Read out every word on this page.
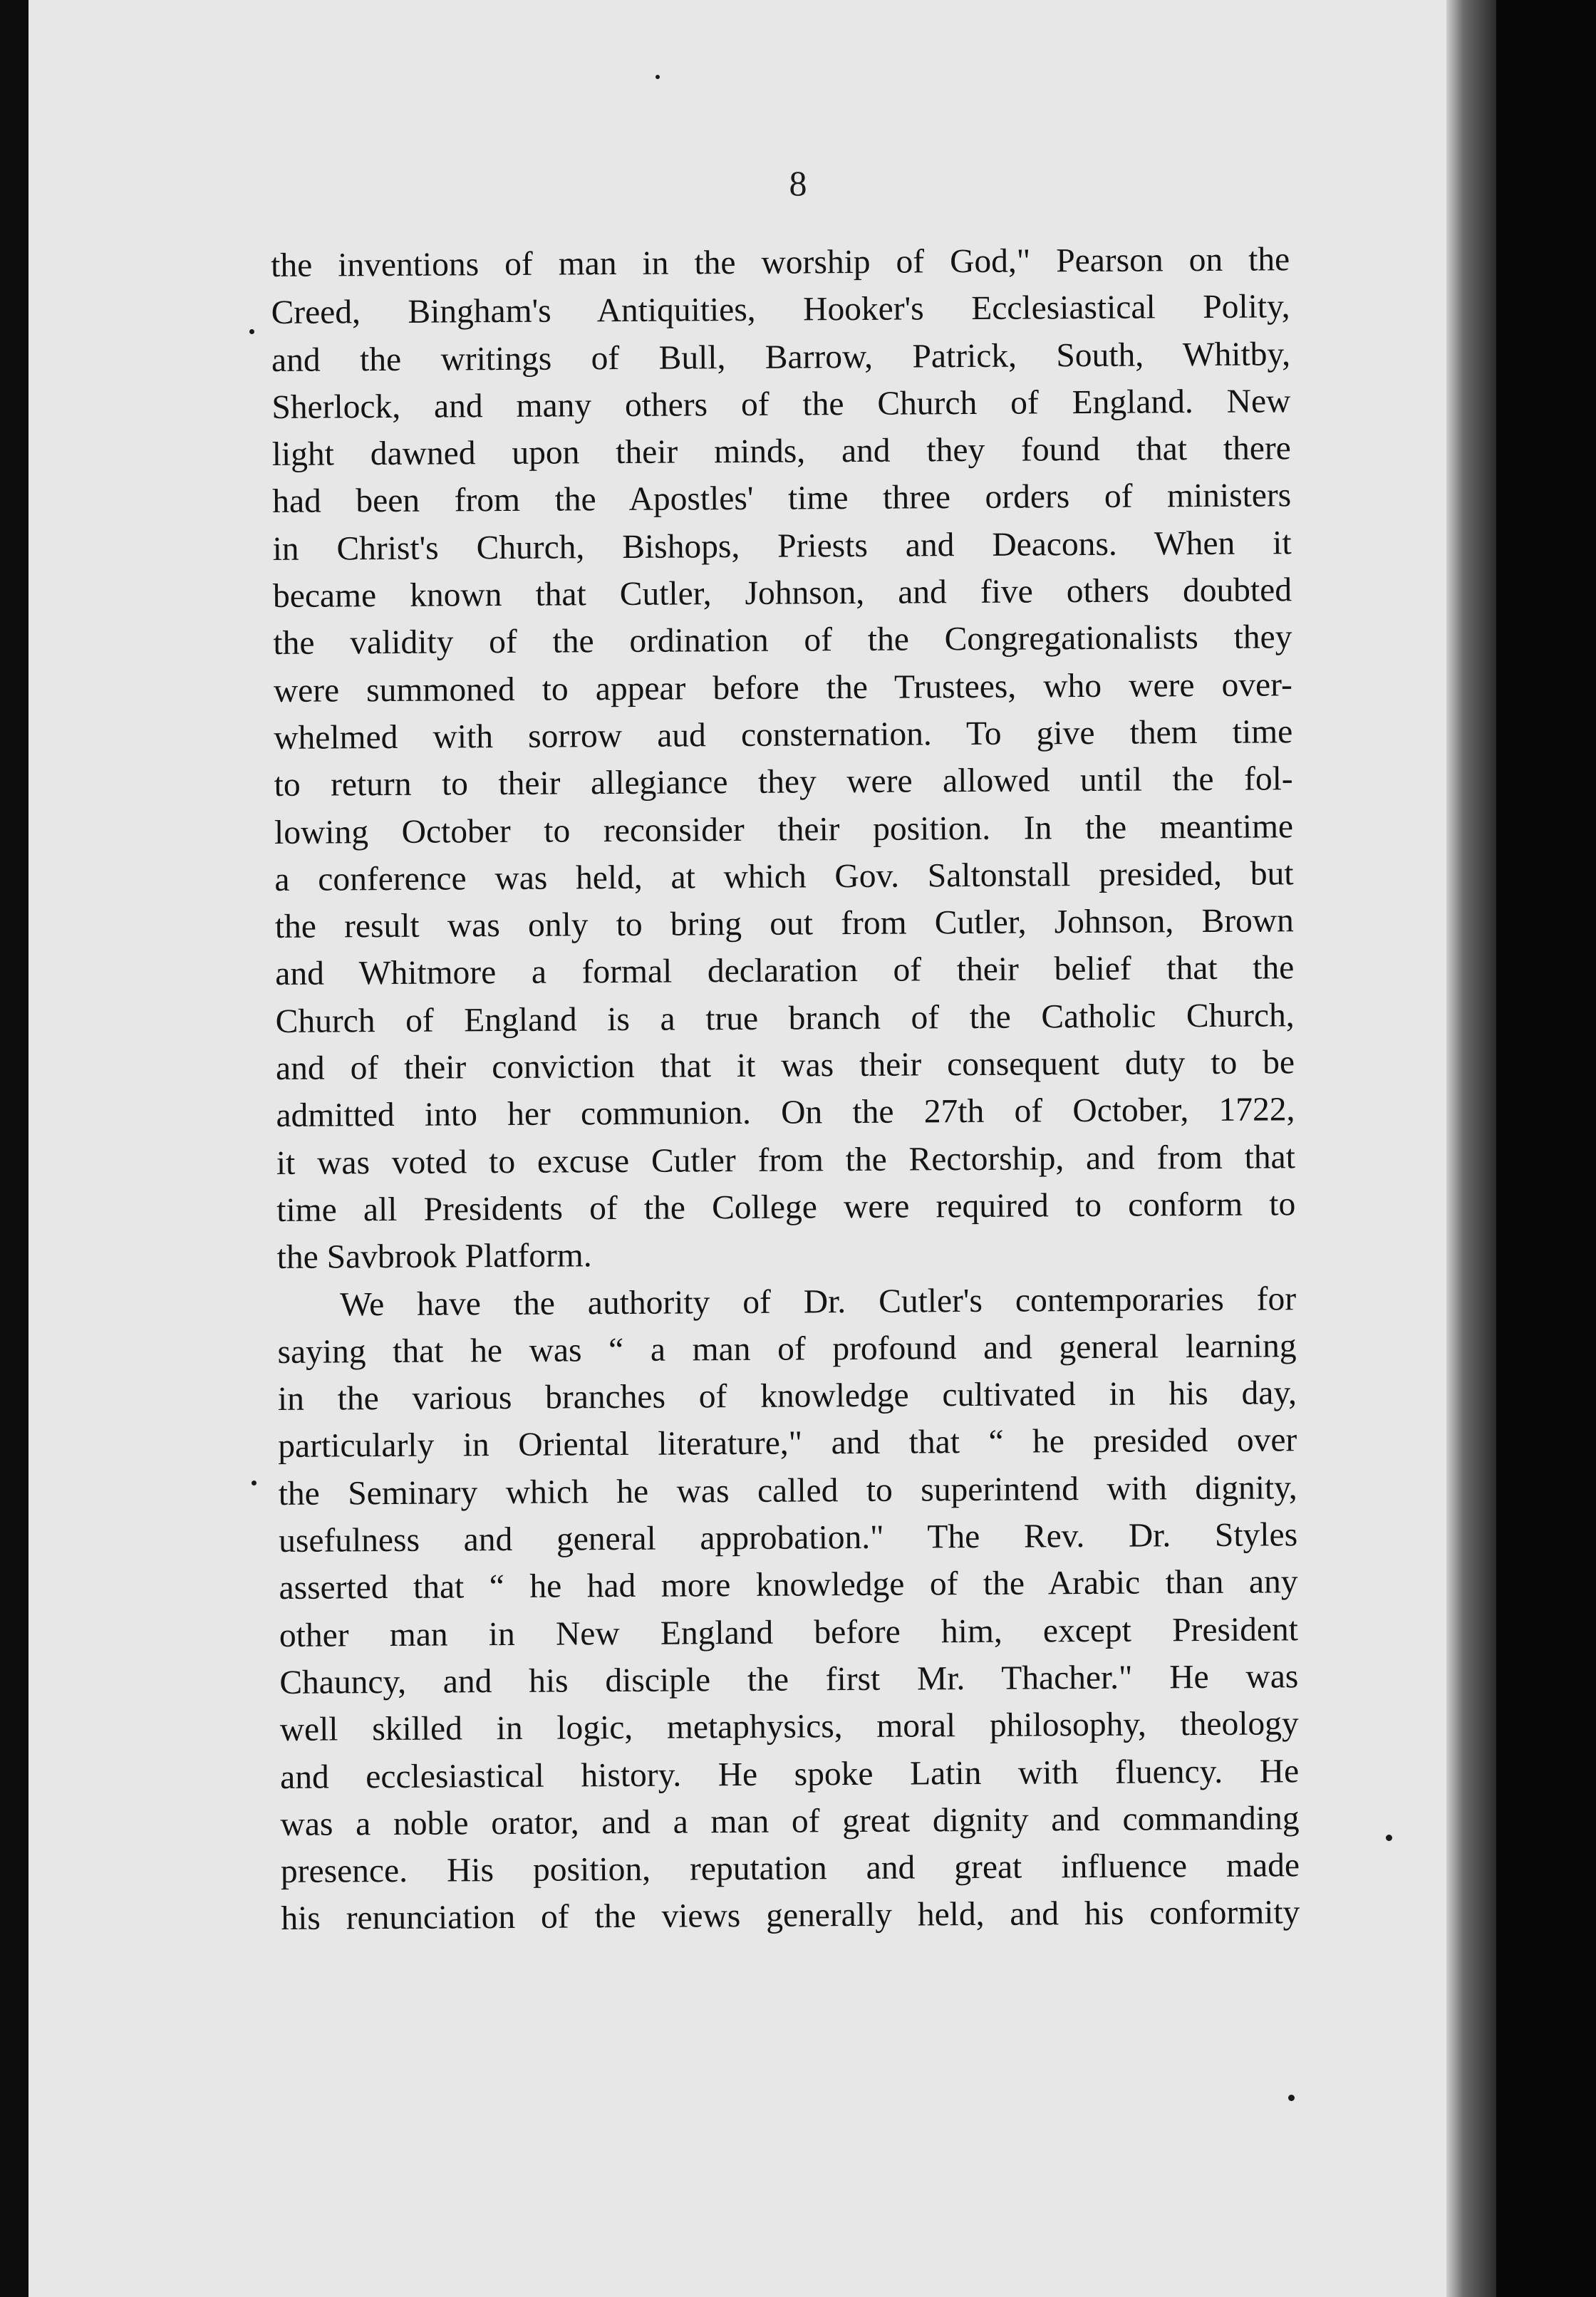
8
the inventions of man in the worship of God," Pearson on the
Creed, Bingham's Antiquities, Hooker's Ecclesiastical Polity,
and the writings of Bull, Barrow, Patrick, South, Whitby,
Sherlock, and many others of the Church of England. New
light dawned upon their minds, and they found that there
had been from the Apostles' time three orders of ministers
in Christ's Church, Bishops, Priests and Deacons. When it
became known that Cutler, Johnson, and five others doubted
the validity of the ordination of the Congregationalists they
were summoned to appear before the Trustees, who were over-
whelmed with sorrow aud consternation. To give them time
to return to their allegiance they were allowed until the fol-
lowing October to reconsider their position. In the meantime
a conference was held, at which Gov. Saltonstall presided, but
the result was only to bring out from Cutler, Johnson, Brown
and Whitmore a formal declaration of their belief that the
Church of England is a true branch of the Catholic Church,
and of their conviction that it was their consequent duty to be
admitted into her communion. On the 27th of October, 1722,
it was voted to excuse Cutler from the Rectorship, and from that
time all Presidents of the College were required to conform to
the Savbrook Platform.
We have the authority of Dr. Cutler's contemporaries for
saying that he was “ a man of profound and general learning
in the various branches of knowledge cultivated in his day,
particularly in Oriental literature," and that “ he presided over
the Seminary which he was called to superintend with dignity,
usefulness and general approbation." The Rev. Dr. Styles
asserted that “ he had more knowledge of the Arabic than any
other man in New England before him, except President
Chauncy, and his disciple the first Mr. Thacher." He was
well skilled in logic, metaphysics, moral philosophy, theology
and ecclesiastical history. He spoke Latin with fluency. He
was a noble orator, and a man of great dignity and commanding
presence. His position, reputation and great influence made
his renunciation of the views generally held, and his conformity
